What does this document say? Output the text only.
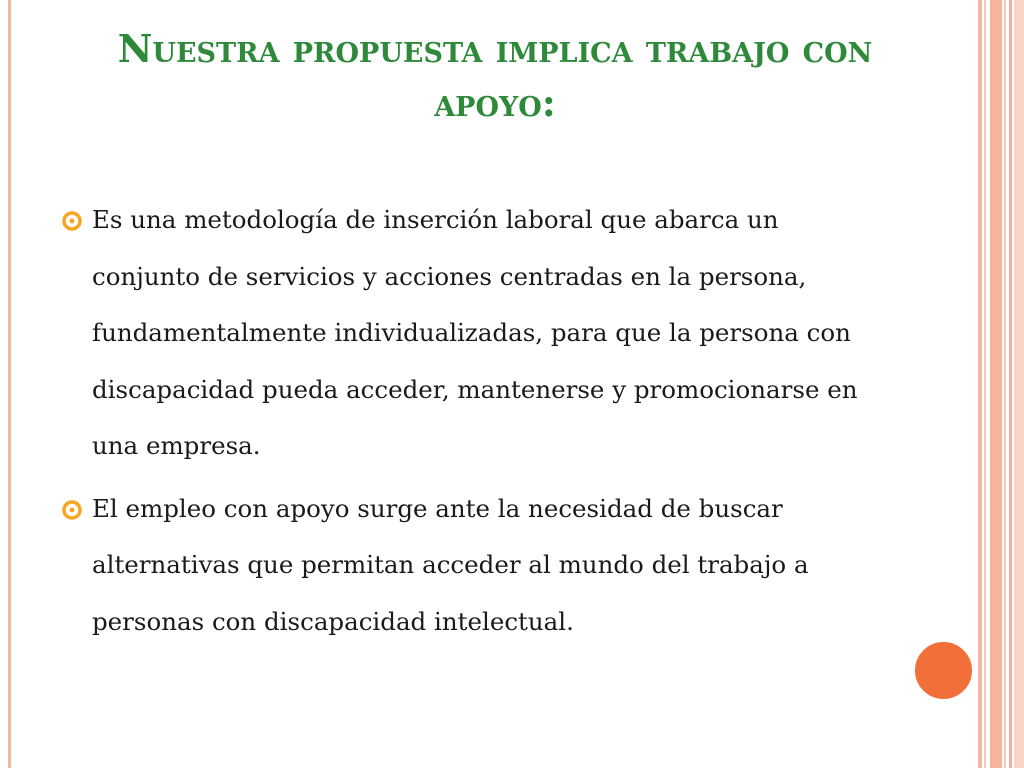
Nuestra propuesta implica trabajo con apoyo:
Es una metodología de inserción laboral que abarca un conjunto de servicios y acciones centradas en la persona, fundamentalmente individualizadas, para que la persona con discapacidad pueda acceder, mantenerse y promocionarse en una empresa.
El empleo con apoyo surge ante la necesidad de buscar alternativas que permitan acceder al mundo del trabajo a personas con discapacidad intelectual.
